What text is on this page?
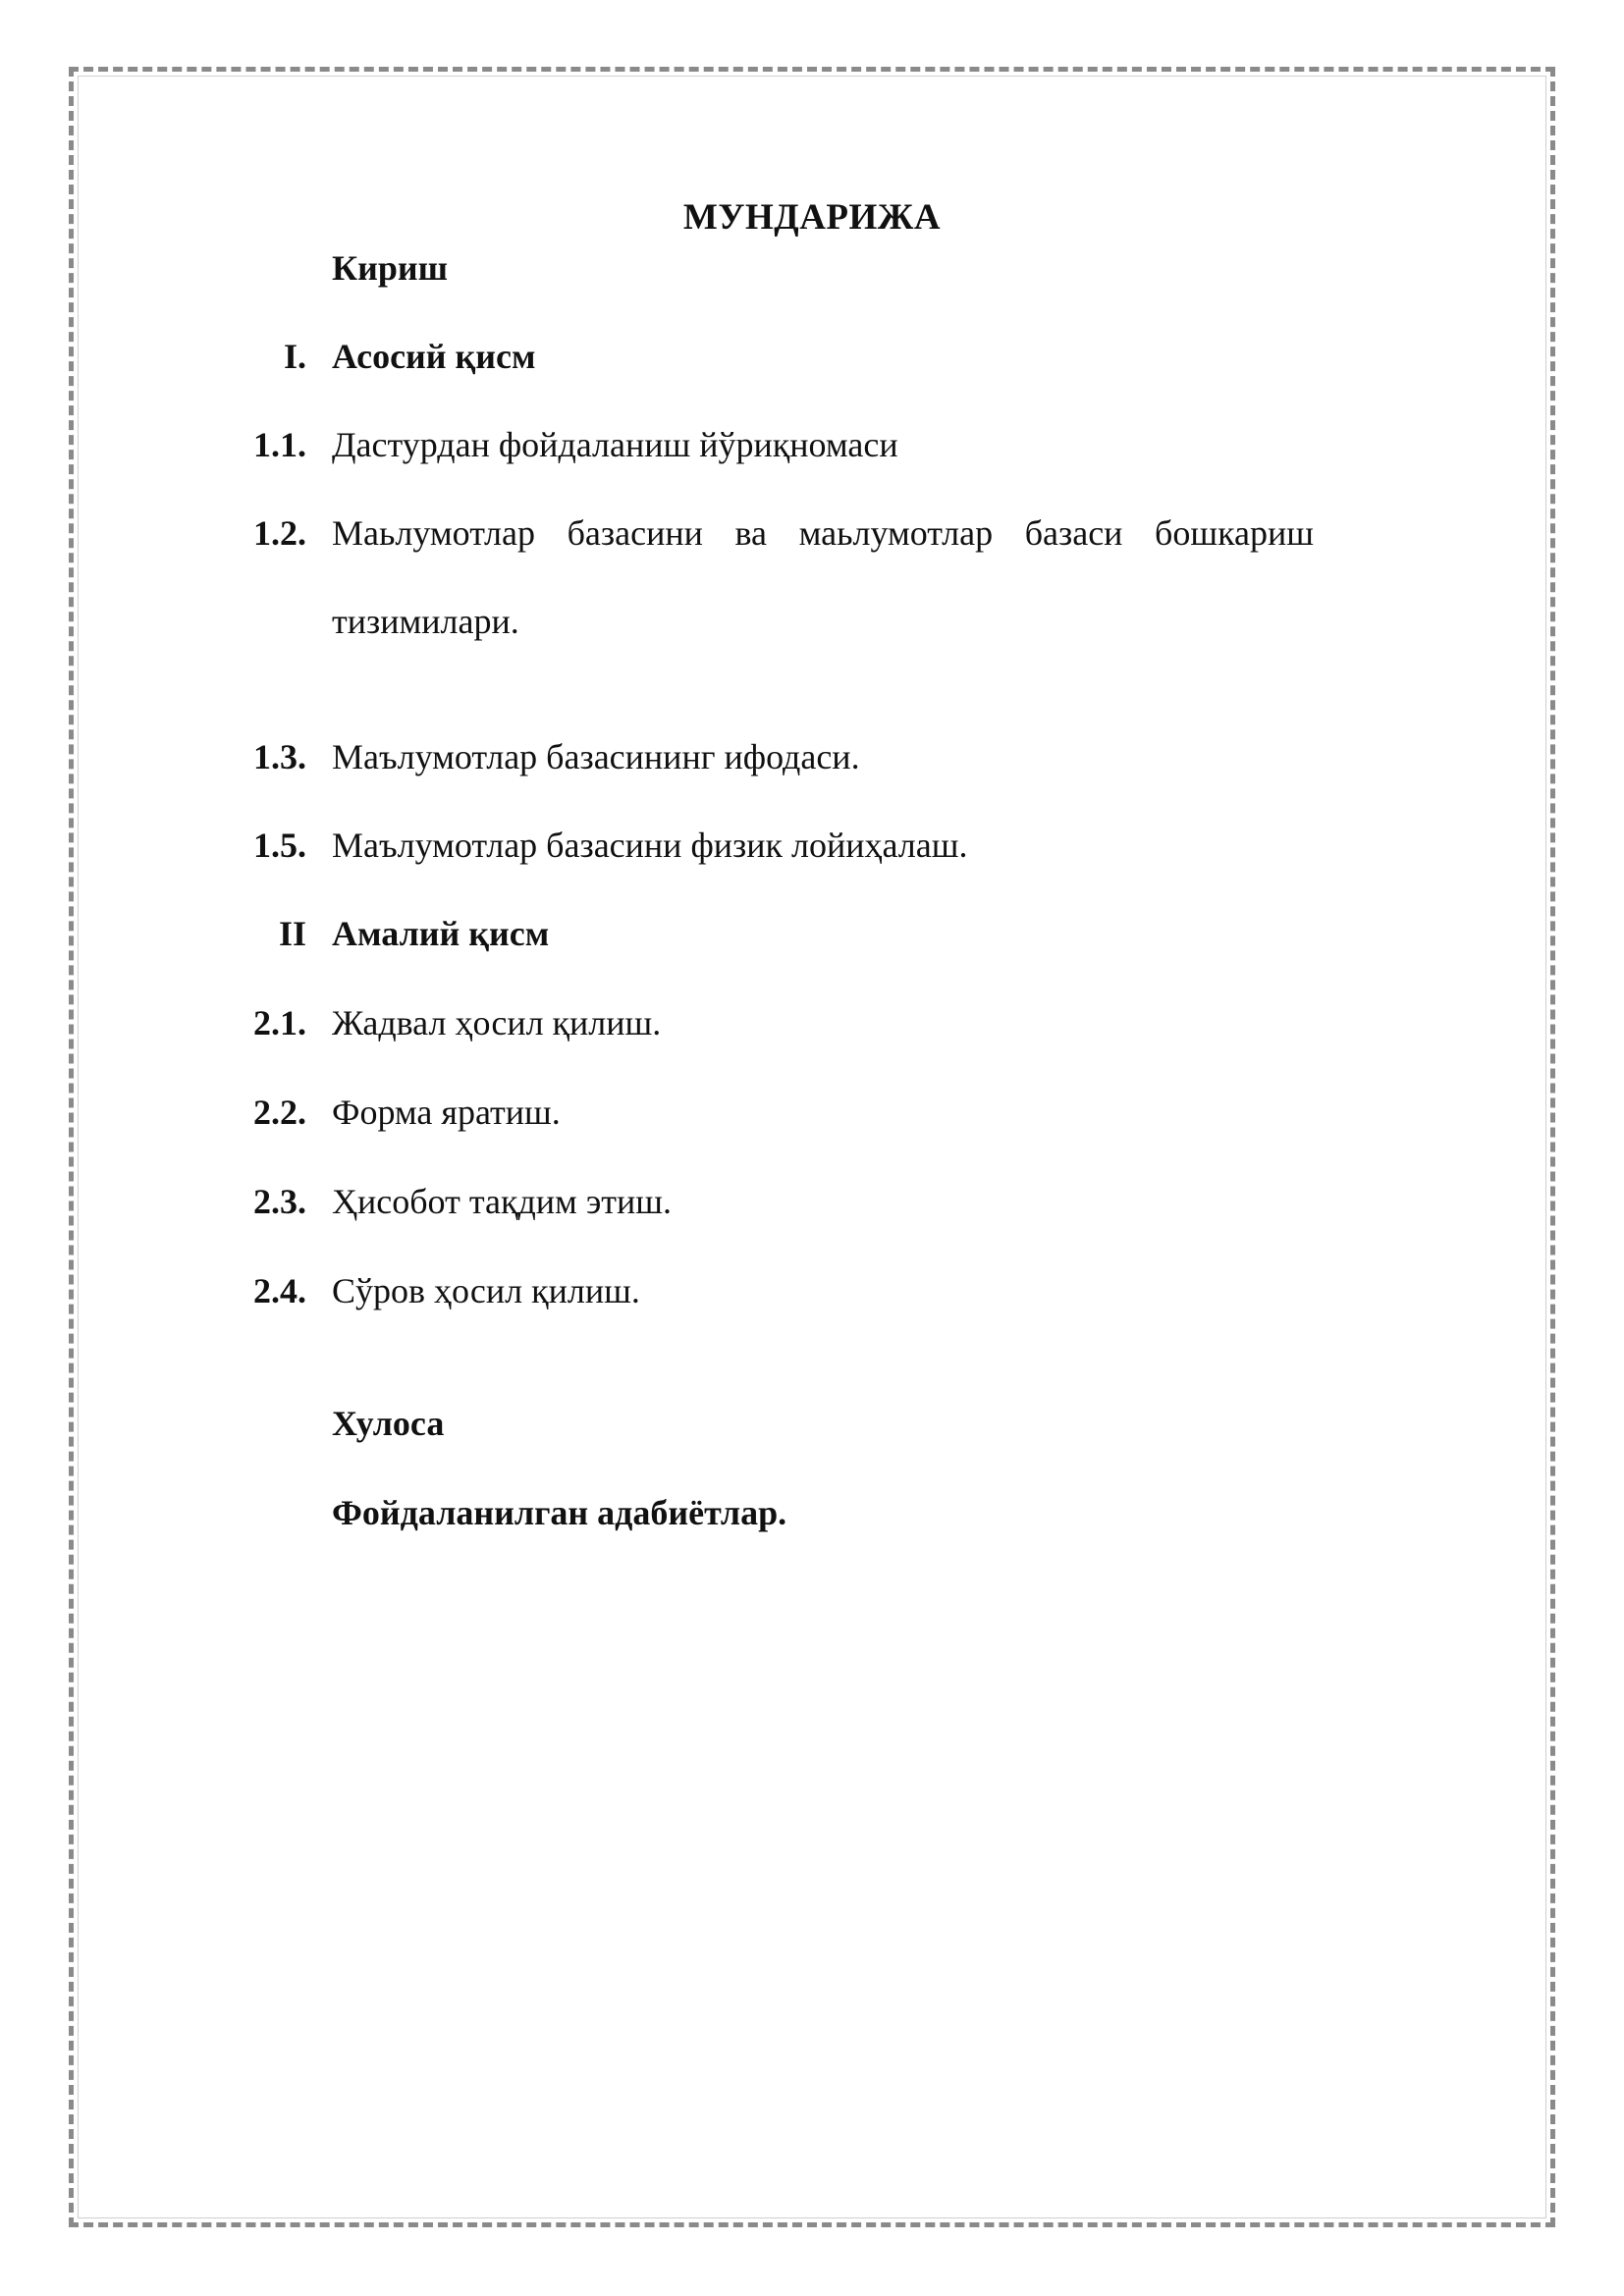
МУНДАРИЖА
Кириш
I. Асосий қисм
1.1. Дастурдан фойдаланиш йўриқномаси
1.2. Маьлумотлар базасини ва маьлумотлар базаси бошкариш
тизимилари.
1.3. Маълумотлар базасининг ифодаси.
1.5. Маълумотлар базасини физик лойиҳалаш.
II Амалий қисм
2.1. Жадвал ҳосил қилиш.
2.2. Форма яратиш.
2.3. Ҳисобот тақдим этиш.
2.4. Сўров ҳосил қилиш.
Хулоса
Фойдаланилган адабиётлар.
